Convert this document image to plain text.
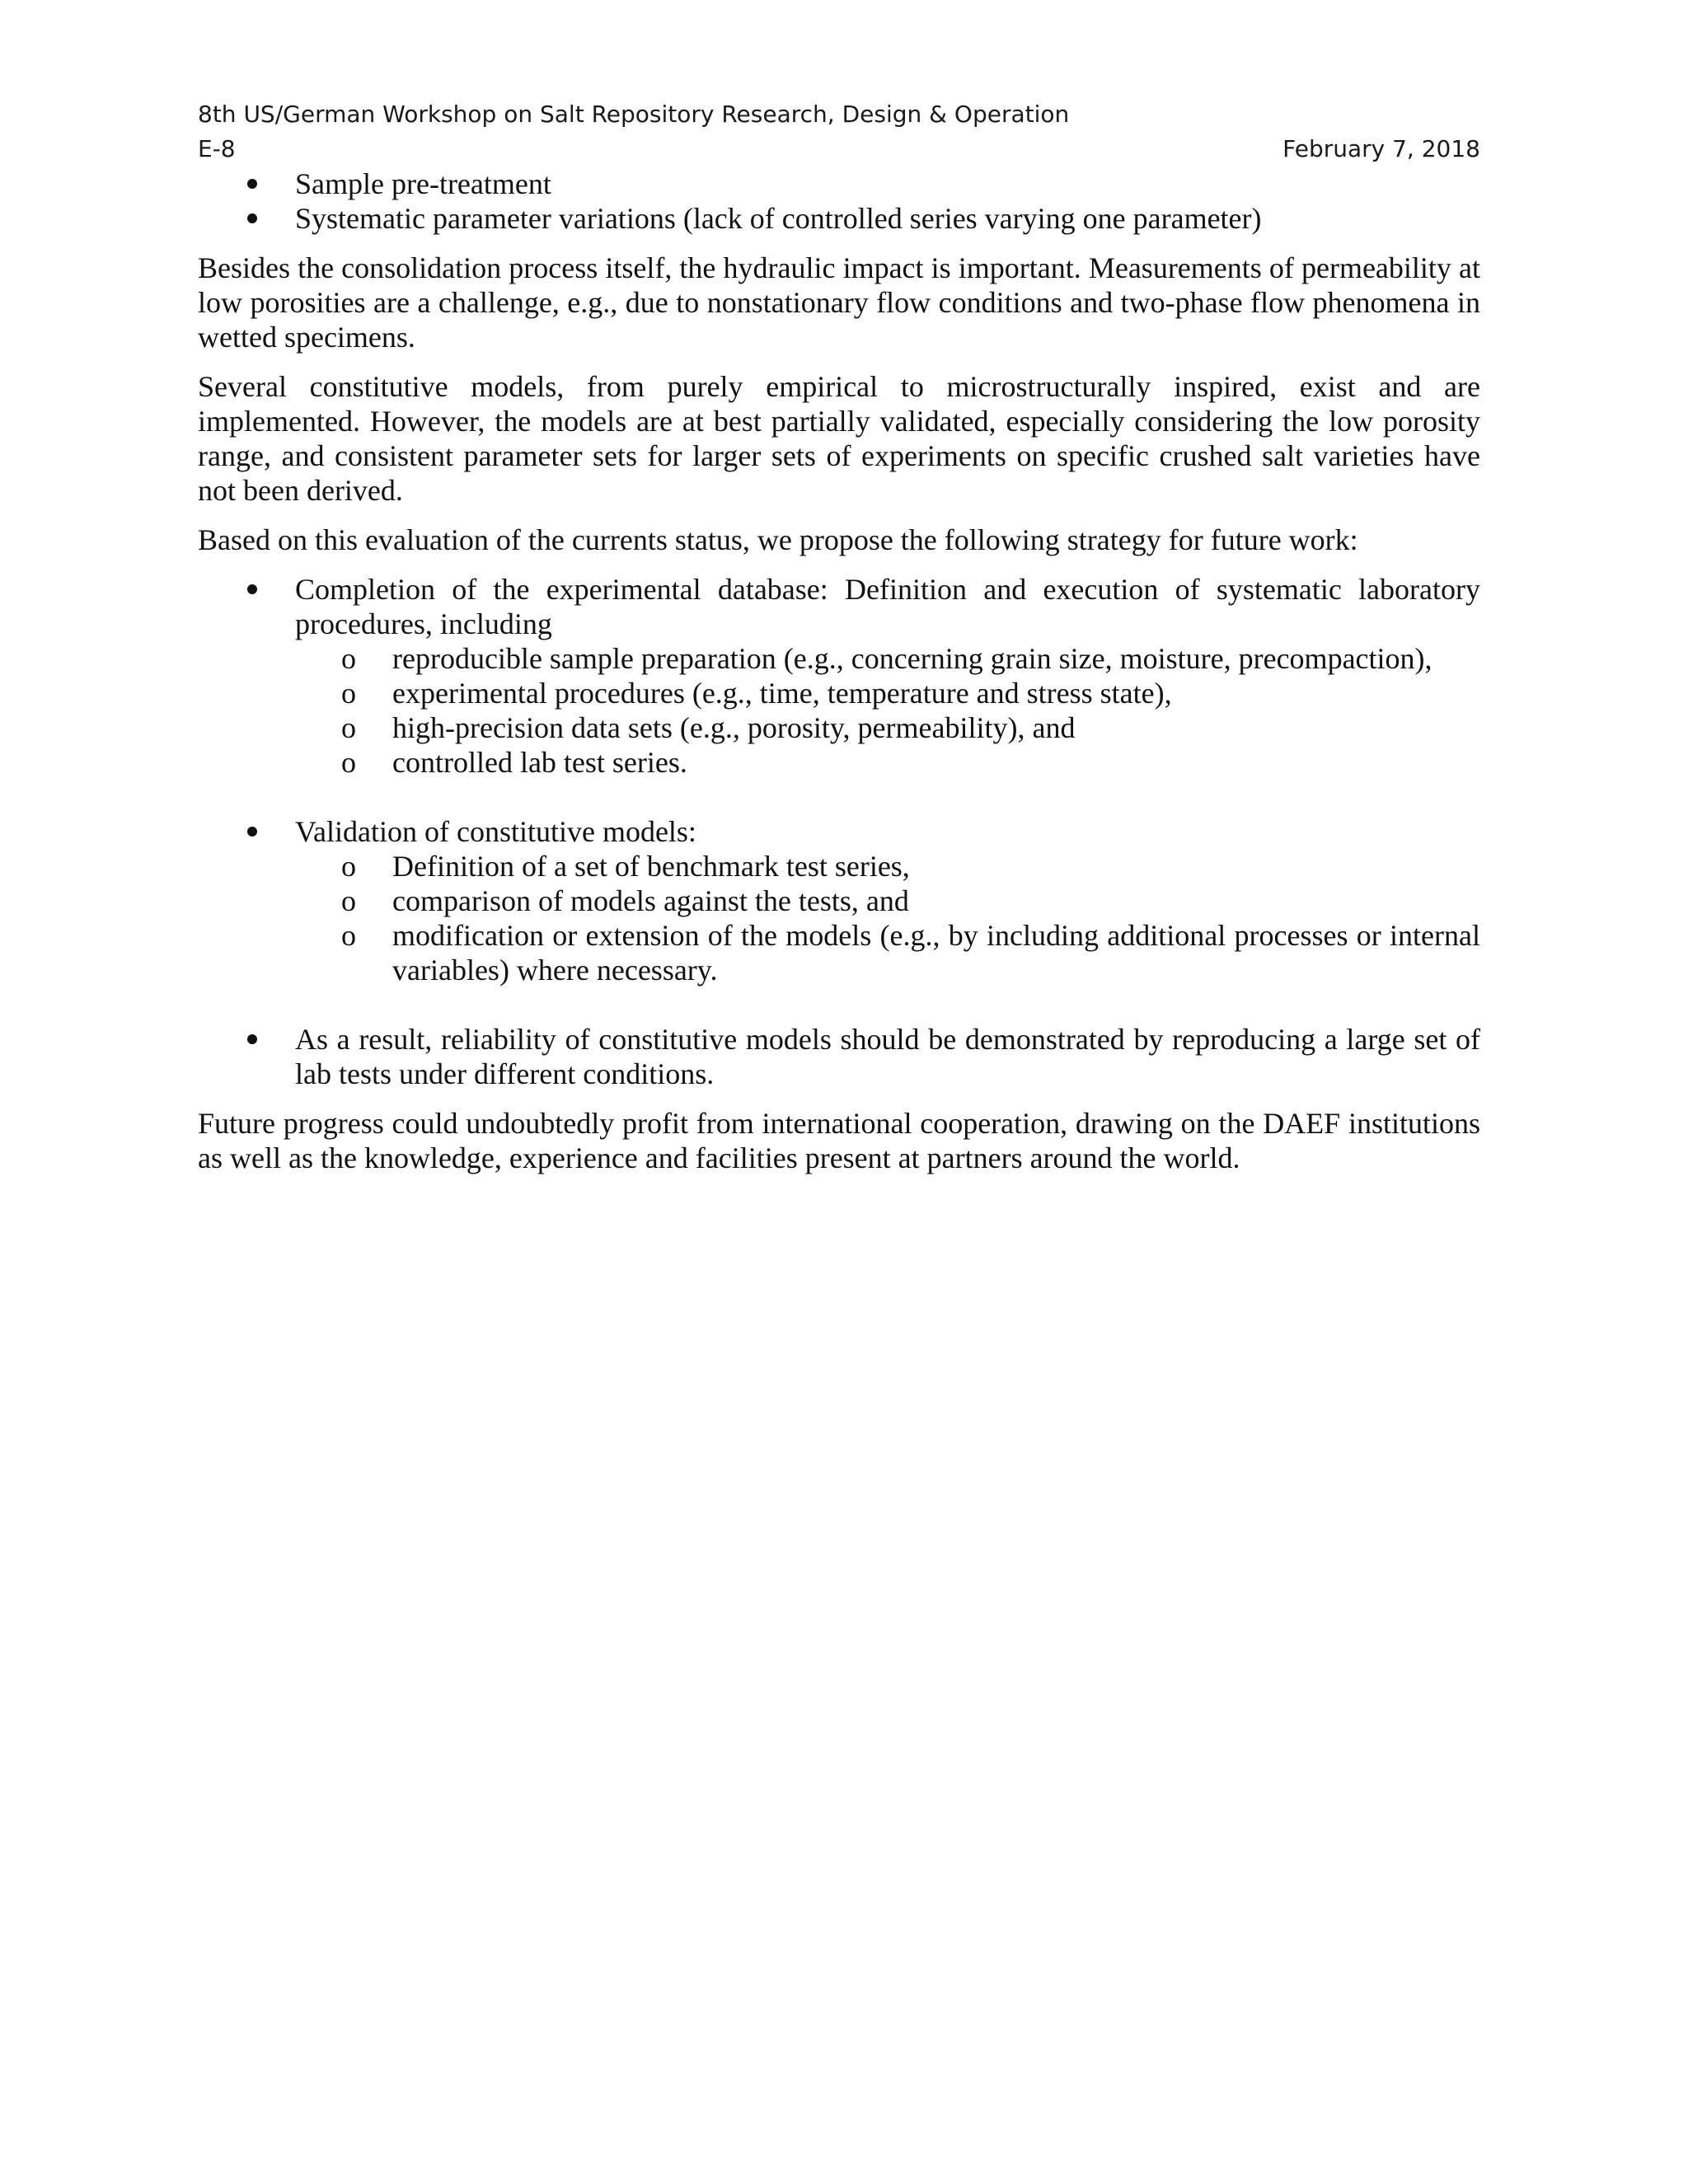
8th US/German Workshop on Salt Repository Research, Design & Operation
E-8	February 7, 2018
Sample pre-treatment
Systematic parameter variations (lack of controlled series varying one parameter)

Besides the consolidation process itself, the hydraulic impact is important. Measurements of permeability at low porosities are a challenge, e.g., due to nonstationary flow conditions and two-phase flow phenomena in wetted specimens.

Several constitutive models, from purely empirical to microstructurally inspired, exist and are implemented. However, the models are at best partially validated, especially considering the low porosity range, and consistent parameter sets for larger sets of experiments on specific crushed salt varieties have not been derived.

Based on this evaluation of the currents status, we propose the following strategy for future work:

Completion of the experimental database: Definition and execution of systematic laboratory procedures, including
o	reproducible sample preparation (e.g., concerning grain size, moisture, precompaction),
o	experimental procedures (e.g., time, temperature and stress state),
o	high-precision data sets (e.g., porosity, permeability), and
o	controlled lab test series.
Validation of constitutive models:
o	Definition of a set of benchmark test series,
o	comparison of models against the tests, and
o	modification or extension of the models (e.g., by including additional processes or internal variables) where necessary.
As a result, reliability of constitutive models should be demonstrated by reproducing a large set of lab tests under different conditions.

Future progress could undoubtedly profit from international cooperation, drawing on the DAEF institutions as well as the knowledge, experience and facilities present at partners around the world.
